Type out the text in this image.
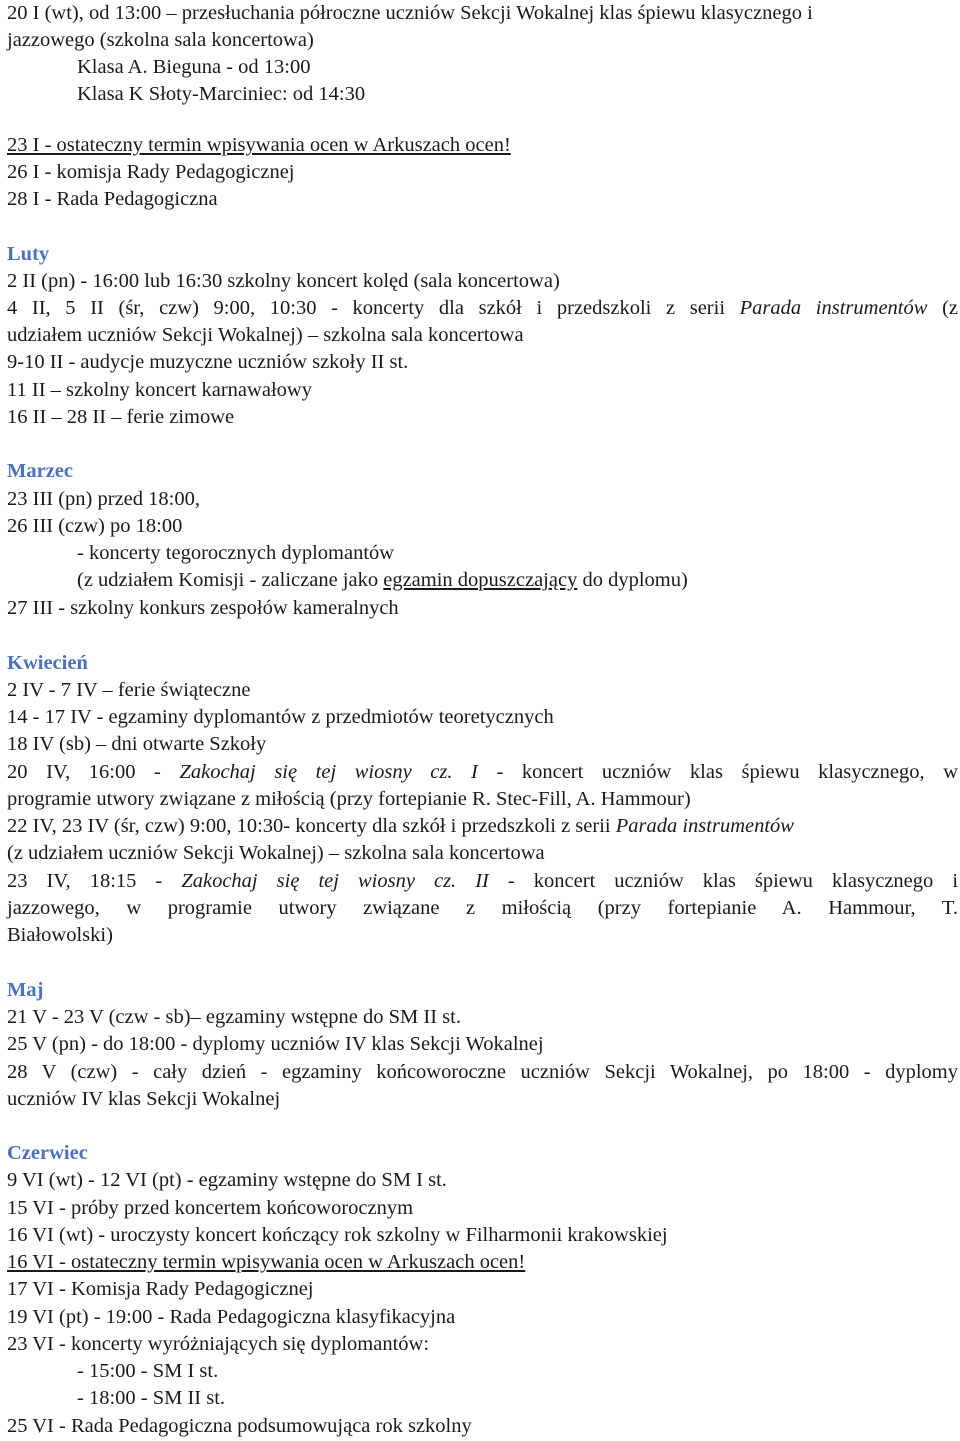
20 I (wt), od 13:00 – przesłuchania półroczne uczniów Sekcji Wokalnej klas śpiewu klasycznego i
jazzowego (szkolna sala koncertowa)
Klasa A. Bieguna - od 13:00
Klasa K Słoty-Marciniec: od 14:30
23 I - ostateczny termin wpisywania ocen w Arkuszach ocen!
26 I - komisja Rady Pedagogicznej
28 I - Rada Pedagogiczna
Luty
2 II (pn) - 16:00 lub 16:30 szkolny koncert kolęd (sala koncertowa)
4 II, 5 II (śr, czw) 9:00, 10:30 - koncerty dla szkół i przedszkoli z serii Parada instrumentów (z
udziałem uczniów Sekcji Wokalnej) – szkolna sala koncertowa
9-10 II - audycje muzyczne uczniów szkoły II st.
11 II – szkolny koncert karnawałowy
16 II – 28 II – ferie zimowe
Marzec
23 III (pn) przed 18:00,
26 III (czw) po 18:00
- koncerty tegorocznych dyplomantów
(z udziałem Komisji - zaliczane jako egzamin dopuszczający do dyplomu)
27 III - szkolny konkurs zespołów kameralnych
Kwiecień
2 IV - 7 IV – ferie świąteczne
14 - 17 IV - egzaminy dyplomantów z przedmiotów teoretycznych
18 IV (sb) – dni otwarte Szkoły
20 IV, 16:00 - Zakochaj się tej wiosny cz. I - koncert uczniów klas śpiewu klasycznego, w
programie utwory związane z miłością (przy fortepianie R. Stec-Fill, A. Hammour)
22 IV, 23 IV (śr, czw) 9:00, 10:30- koncerty dla szkół i przedszkoli z serii Parada instrumentów
(z udziałem uczniów Sekcji Wokalnej) – szkolna sala koncertowa
23 IV, 18:15 - Zakochaj się tej wiosny cz. II - koncert uczniów klas śpiewu klasycznego i
jazzowego, w programie utwory związane z miłością (przy fortepianie A. Hammour, T.
Białowolski)
Maj
21 V - 23 V (czw - sb)– egzaminy wstępne do SM II st.
25 V (pn) - do 18:00 - dyplomy uczniów IV klas Sekcji Wokalnej
28 V (czw) - cały dzień - egzaminy końcoworoczne uczniów Sekcji Wokalnej, po 18:00 - dyplomy
uczniów IV klas Sekcji Wokalnej
Czerwiec
9 VI (wt) - 12 VI (pt) - egzaminy wstępne do SM I st.
15 VI - próby przed koncertem końcoworocznym
16 VI (wt) - uroczysty koncert kończący rok szkolny w Filharmonii krakowskiej
16 VI - ostateczny termin wpisywania ocen w Arkuszach ocen!
17 VI - Komisja Rady Pedagogicznej
19 VI (pt) - 19:00 - Rada Pedagogiczna klasyfikacyjna
23 VI - koncerty wyróżniających się dyplomantów:
- 15:00 - SM I st.
- 18:00 - SM II st.
25 VI - Rada Pedagogiczna podsumowująca rok szkolny
